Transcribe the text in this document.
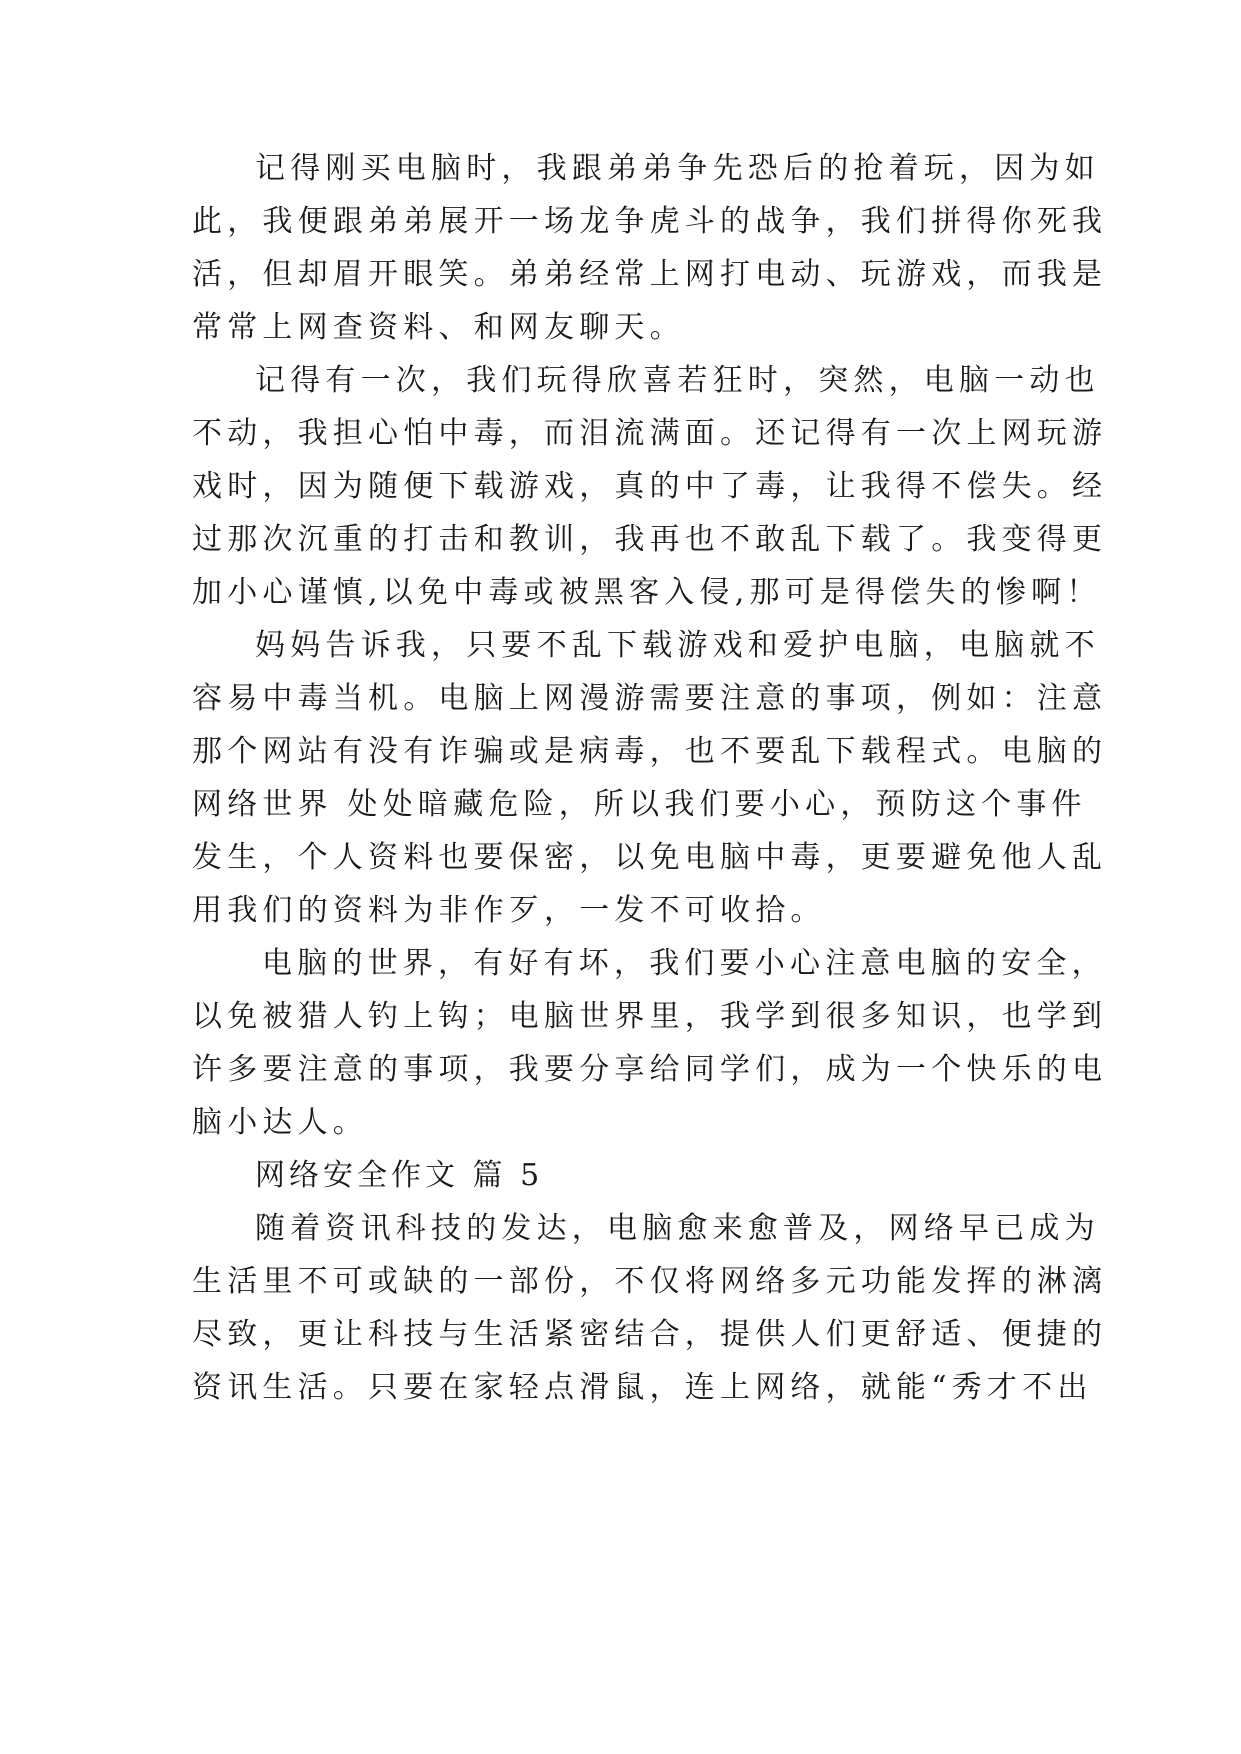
记得刚买电脑时，我跟弟弟争先恐后的抢着玩，因为如
此，我便跟弟弟展开一场龙争虎斗的战争，我们拼得你死我
活，但却眉开眼笑。弟弟经常上网打电动、玩游戏，而我是
常常上网查资料、和网友聊天。
记得有一次，我们玩得欣喜若狂时，突然，电脑一动也
不动，我担心怕中毒，而泪流满面。还记得有一次上网玩游
戏时，因为随便下载游戏，真的中了毒，让我得不偿失。经
过那次沉重的打击和教训，我再也不敢乱下载了。我变得更
加小心谨慎,以免中毒或被黑客入侵,那可是得偿失的惨啊！
妈妈告诉我，只要不乱下载游戏和爱护电脑，电脑就不
容易中毒当机。电脑上网漫游需要注意的事项，例如：注意
那个网站有没有诈骗或是病毒，也不要乱下载程式。电脑的
网络世界 处处暗藏危险，所以我们要小心，预防这个事件
发生，个人资料也要保密，以免电脑中毒，更要避免他人乱
用我们的资料为非作歹，一发不可收拾。
电脑的世界，有好有坏，我们要小心注意电脑的安全，
以免被猎人钓上钩；电脑世界里，我学到很多知识，也学到
许多要注意的事项，我要分享给同学们，成为一个快乐的电
脑小达人。
网络安全作文 篇 5
随着资讯科技的发达，电脑愈来愈普及，网络早已成为
生活里不可或缺的一部份，不仅将网络多元功能发挥的淋漓
尽致，更让科技与生活紧密结合，提供人们更舒适、便捷的
资讯生活。只要在家轻点滑鼠，连上网络，就能“秀才不出
